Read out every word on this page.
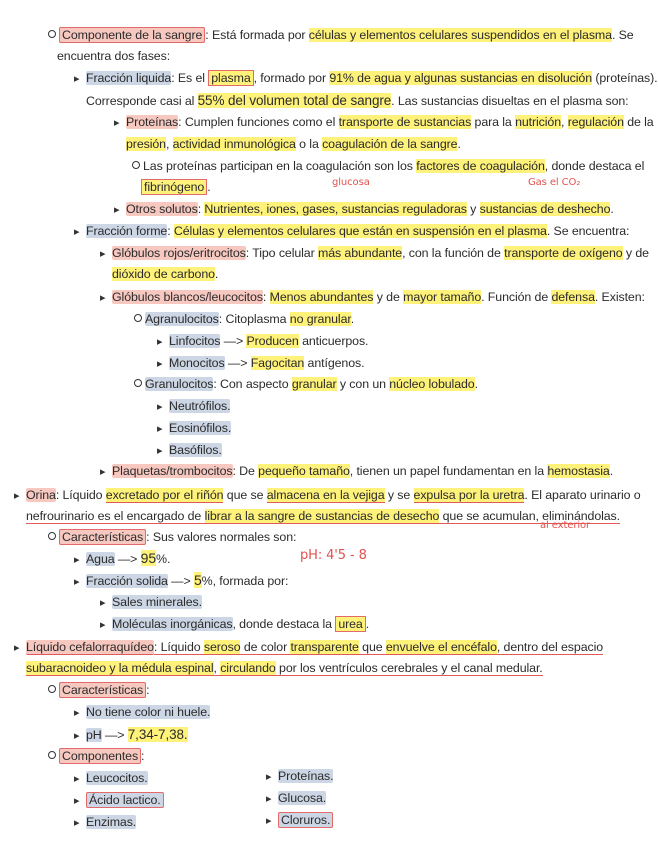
Componente de la sangre : Está formada por células y elementos celulares suspendidos en el plasma. Se
encuentra dos fases:
▸ Fracción liquida: Es el plasma , formado por 91% de agua y algunas sustancias en disolución (proteínas).
Corresponde casi al 55% del volumen total de sangre. Las sustancias disueltas en el plasma son:
▸ Proteínas: Cumplen funciones como el transporte de sustancias para la nutrición, regulación de la
presión, actividad inmunológica o la coagulación de la sangre.
Las proteínas participan en la coagulación son los factores de coagulación, donde destaca el
fibrinógeno .	glucosa	Gas el CO₂
▸ Otros solutos: Nutrientes, iones, gases, sustancias reguladoras y sustancias de deshecho.
▸ Fracción forme: Células y elementos celulares que están en suspensión en el plasma. Se encuentra:
▸ Glóbulos rojos/eritrocitos: Tipo celular más abundante, con la función de transporte de oxígeno y de
dióxido de carbono.
▸ Glóbulos blancos/leucocitos: Menos abundantes y de mayor tamaño. Función de defensa. Existen:
Agranulocitos: Citoplasma no granular.
▸ Linfocitos —> Producen anticuerpos.
▸ Monocitos —> Fagocitan antígenos.
Granulocitos: Con aspecto granular y con un núcleo lobulado.
▸ Neutrófilos.
▸ Eosinófilos.
▸ Basófilos.
▸ Plaquetas/trombocitos: De pequeño tamaño, tienen un papel fundamentan en la hemostasia.
▸ Orina: Líquido excretado por el riñón que se almacena en la vejiga y se expulsa por la uretra. El aparato urinario o
nefrourinario es el encargado de librar a la sangre de sustancias de desecho que se acumulan, eliminándolas.
al exterior
Características : Sus valores normales son:
▸ Agua —> 95%.	pH: 4'5 - 8
▸ Fracción solida —> 5%, formada por:
▸ Sales minerales.
▸ Moléculas inorgánicas, donde destaca la urea .
▸ Líquido cefalorraquídeo: Líquido seroso de color transparente que envuelve el encéfalo, dentro del espacio
subaracnoideo y la médula espinal, circulando por los ventrículos cerebrales y el canal medular.
Características :
▸ No tiene color ni huele.
▸ pH —> 7,34-7,38.
Componentes :
▸ Leucocitos.
▸ Ácido lactico.
▸ Enzimas.
▸ Proteínas.
▸ Glucosa.
▸ Cloruros.
